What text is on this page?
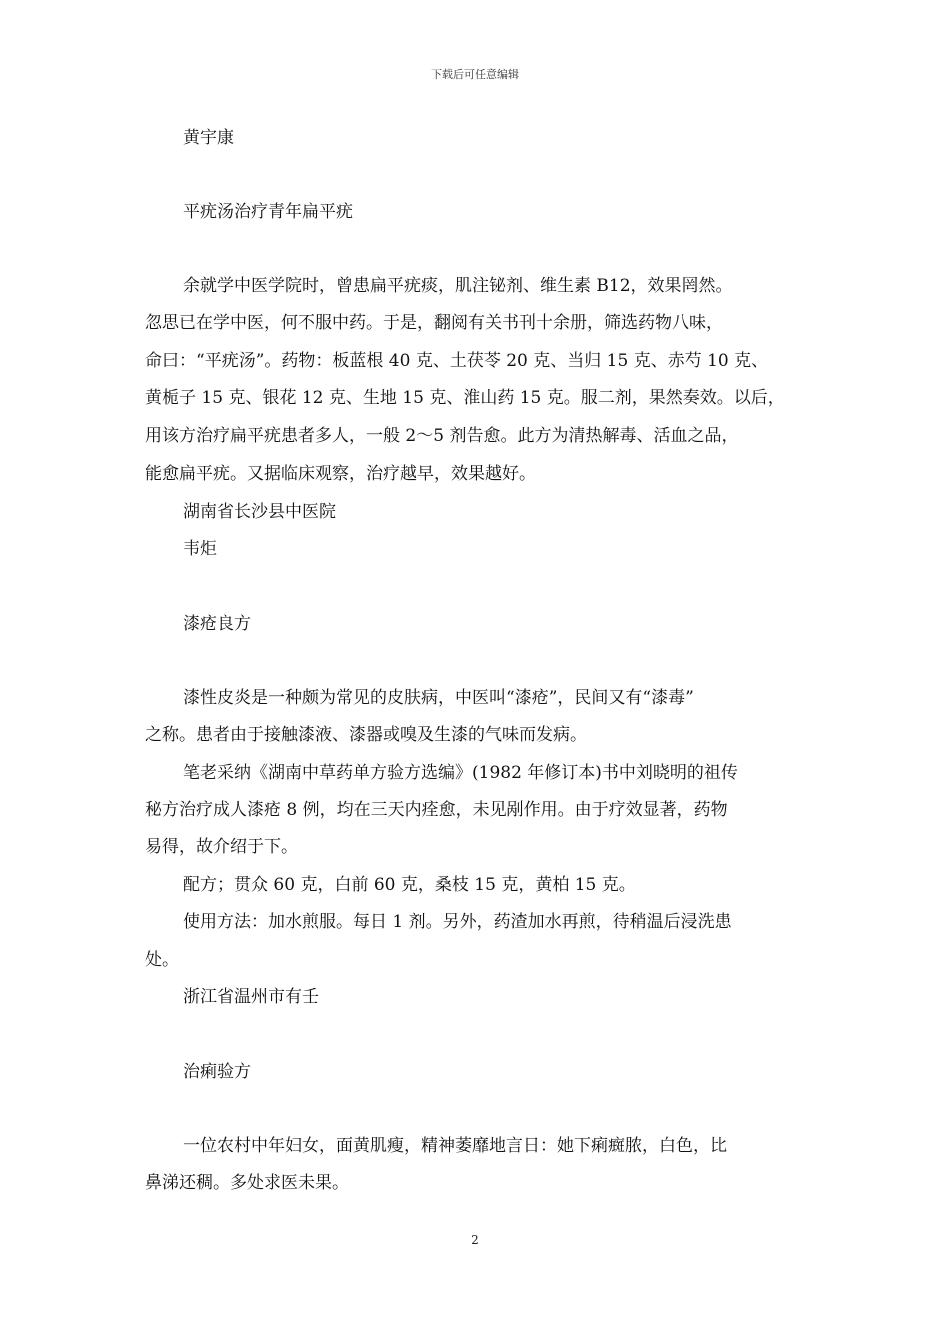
下载后可任意编辑
黄宇康
平疣汤治疗青年扁平疣
余就学中医学院时，曾患扁平疣痰，肌注铋剂、维生素 B12，效果罔然。
忽思已在学中医，何不服中药。于是，翻阅有关书刊十余册，筛选药物八味，
命曰：“平疣汤”。药物：板蓝根 40 克、土茯苓 20 克、当归 15 克、赤芍 10 克、
黄栀子 15 克、银花 12 克、生地 15 克、淮山药 15 克。服二剂，果然奏效。以后，
用该方治疗扁平疣患者多人，一般 2～5 剂告愈。此方为清热解毒、活血之品，
能愈扁平疣。又据临床观察，治疗越早，效果越好。
湖南省长沙县中医院
韦炬
漆疮良方
漆性皮炎是一种颇为常见的皮肤病，中医叫“漆疮”，民间又有“漆毒”
之称。患者由于接触漆液、漆器或嗅及生漆的气味而发病。
笔老采纳《湖南中草药单方验方选编》(1982 年修订本)书中刘晓明的祖传
秘方治疗成人漆疮 8 例，均在三天内痊愈，未见剐作用。由于疗效显著，药物
易得，故介绍于下。
配方；贯众 60 克，白前 60 克，桑枝 15 克，黄柏 15 克。
使用方法：加水煎服。每日 1 剂。另外，药渣加水再煎，待稍温后浸洗患
处。
浙江省温州市有壬
治痢验方
一位农村中年妇女，面黄肌瘦，精神萎靡地言日：她下痢癍脓，白色，比
鼻涕还稠。多处求医未果。
2
